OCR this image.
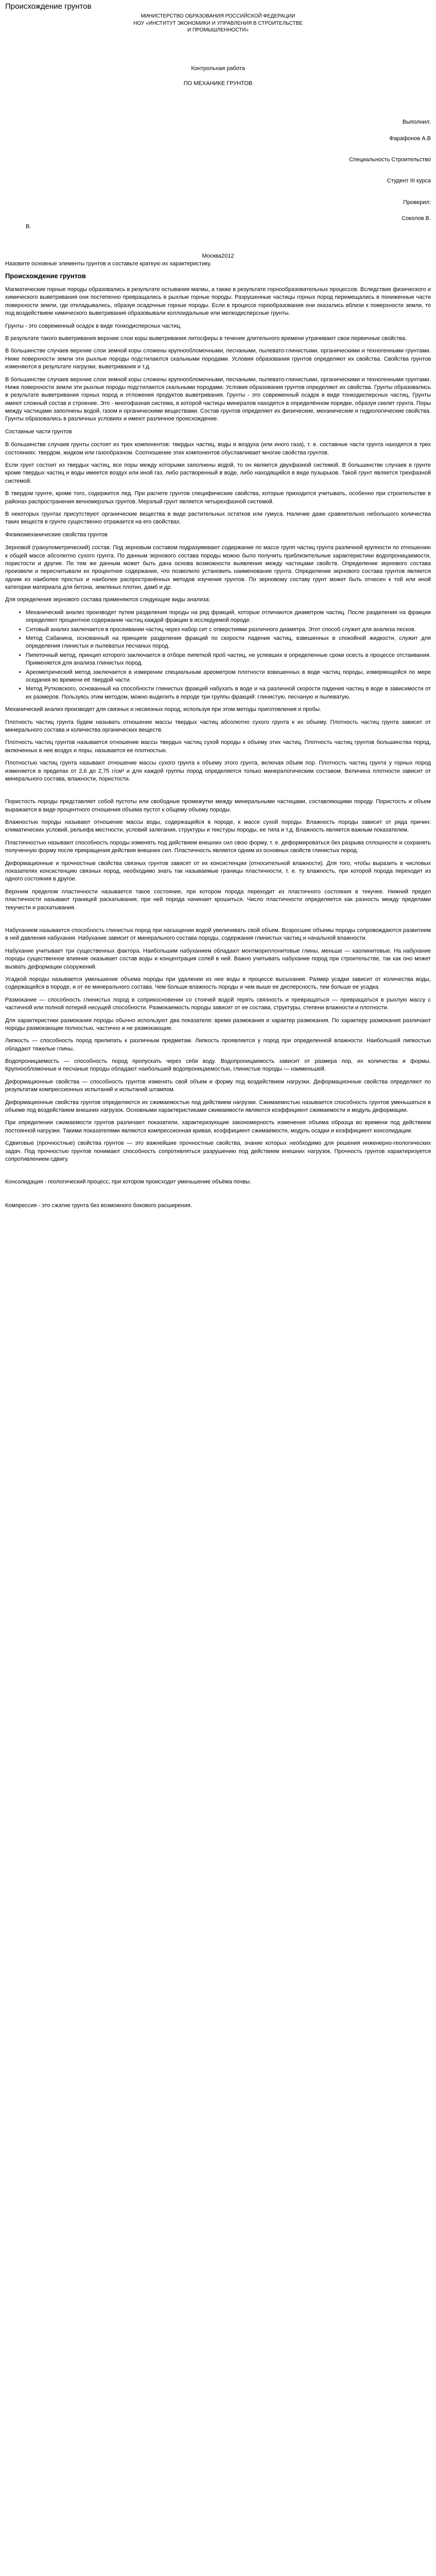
Происхождение грунтов
МИНИСТЕРСТВО ОБРАЗОВАНИЯ РОССИЙСКОЙ ФЕДЕРАЦИИ
НОУ «ИНСТИТУТ ЭКОНОМИКИ И УПРАВЛЕНИЯ В СТРОИТЕЛЬСТВЕ
И ПРОМЫШЛЕННОСТИ»
Контрольная работа
ПО МЕХАНИКЕ ГРУНТОВ

Выполнил:

Фарафонов А.В

Специальность Строительство

Студент III курса

Проверил:

Соколов В.

В.

Москва2012

Назовите основные элементы грунтов и составьте краткую их характеристику.

Происхождение грунтов

Магматические горные породы образовались в результате остывания магмы, а также в результате горнообразовательных процессов. Вследствие физического и химического выветривания они постепенно превращались в рыхлые горные породы. Разрушенные частицы горных пород перемещались в пониженные части поверхности земли, где откладывались, образуя осадочные горные породы. Если в процессе горообразования они оказались вблизи к поверхности земли, то под воздействием химического выветривания образовывали коллоидальные или мелкодисперсные грунты.

Грунты - это современный осадок в виде тонкодисперсных частиц.

В результате такого выветривания верхние слои коры выветривания литосферы в течение длительного времени утрачивают свои первичные свойства.

В большинстве случаев верхние слои земной коры сложены крупнообломочными, песчаными, пылевато-глинистыми, органическими и техногенными грунтами. Ниже поверхности земли эти рыхлые породы подстилаются скальными породами. Условия образования грунтов определяют их свойства. Свойства грунтов изменяются в результате нагрузки, выветривания и т.д.

В большинстве случаев верхние слои земной коры сложены крупнообломочными, песчаными, пылевато-глинистыми, органическими и техногенными грунтами. Ниже поверхности земли эти рыхлые породы подстилаются скальными породами. Условия образования грунтов определяют их свойства. Грунты образовались в результате выветривания горных пород и отложения продуктов выветривания. Грунты - это современный осадок в виде тонкодисперсных частиц. Грунты имеют сложный состав и строение. Это - многофазная система, в которой частицы минералов находятся в определённом порядке, образуя скелет грунта. Поры между частицами заполнены водой, газом и органическими веществами. Состав грунтов определяет их физические, механические и гидрологические свойства. Грунты образовались в различных условиях и имеют различное происхождение.

Составные части грунтов

В большинстве случаев грунты состоят из трех компонентов: твердых частиц, воды и воздуха (или иного газа), т. е. составные части грунта находятся в трех состояниях: твердом, жидком или газообразном. Соотношение этих компонентов обуславливает многие свойства грунтов.

Если грунт состоит из твердых частиц, все поры между которыми заполнены водой, то он является двухфазной системой. В большинстве случаев в грунте кроме твердых частиц и воды имеется воздух или иной газ, либо растворенный в воде, либо находящийся в виде пузырьков. Такой грунт является трехфазной системой.

В твердом грунте, кроме того, содержится лед. При расчете грунтов специфические свойства, которые приходится учитывать, особенно при строительстве в районах распространения вечномерзлых грунтов. Мерзлый грунт является четырехфазной системой.

В некоторых грунтах присутствуют органические вещества в виде растительных остатков или гумуса. Наличие даже сравнительно небольшого количества таких веществ в грунте существенно отражается на его свойствах.

Физикомеханические свойства грунтов

Зерновой (гранулометрический) состав. Под зерновым составом подразумевают содержание по массе групп частиц грунта различной крупности по отношению к общей массе абсолютно сухого грунта. По данным зернового состава породы можно было получить приблизительные характеристики водопроницаемости, пористости и другие. По тем же данным может быть дана основа возможности выявления между частицами свойств. Определение зернового состава произвели и пересчитывали их процентное содержание, что позволило установить наименование грунта. Определение зернового состава грунтов является одним из наиболее простых и наиболее распространённых методов изучения грунтов. По зерновому составу грунт может быть отнесен к той или иной категории материала для бетона, земляных плотин, дамб и др.

Для определения зернового состава применяются следующие виды анализа:

• Механический анализ производят путем разделения породы на ряд фракций, которые отличаются диаметром частиц. После разделения на фракции определяют процентное содержание частиц каждой фракции в исследуемой породе.
• Ситовый анализ заключается в просеивании частиц через набор сит с отверстиями различного диаметра. Этот способ служит для анализа песков.
• Метод Сабанина, основанный на принципе разделения фракций по скорости падения частиц, взвешенных в спокойной жидкости, служит для определения глинистых и пылеватых песчаных пород.
• Пипеточный метод, принцип которого заключается в отборе пипеткой проб частиц, не успевших в определенные сроки осесть в процессе отстаивания. Применяется для анализа глинистых пород.
• Ареометрический метод заключается в измерении специальным ареометром плотности взвешенных в воде частиц породы, измеряющейся по мере оседания во времени её твердой части.
• Метод Рутковского, основанный на способности глинистых фракций набухать в воде и на различной скорости падения частиц в воде в зависимости от их размеров. Пользуясь этим методом, можно выделить в породе три группы фракций: глинистую, песчаную и пылеватую.

Механический анализ производят для связных и несвязных пород, используя при этом методы приготовления и пробы.

Плотность частиц грунта будем называть отношение массы твердых частиц абсолютно сухого грунта к их объему. Плотность частиц грунта зависит от минерального состава и количества органических веществ.

Плотность частиц грунтов называется отношение массы твердых частиц сухой породы к объему этих частиц. Плотность частиц грунтов большинства пород, включенных в нее воздух и поры, называется ее плотностью.

Плотностью частиц грунта называют отношение массы сухого грунта к объему этого грунта, включая объем пор. Плотность частиц грунта у горных пород изменяется в пределах от 2,6 до 2,75 г/см³ и для каждой группы пород определяется только минералогическим составом. Величина плотности зависит от минерального состава, влажности, пористости.

Пористость породы представляет собой пустоты или свободные промежутки между минеральными частицами, составляющими породу. Пористость и объем выражается в виде процентного отношения объема пустот к общему объему породы.

Влажностью породы называют отношение массы воды, содержащейся в породе, к массе сухой породы. Влажность породы зависит от ряда причин: климатических условий, рельефа местности, условий залегания, структуры и текстуры породы, ее типа и т.д. Влажность является важным показателем.

Пластичностью называют способность породы изменять под действием внешних сил свою форму, т. е. деформироваться без разрыва сплошности и сохранять полученную форму после прекращения действия внешних сил. Пластичность является одним из основных свойств глинистых пород.

Деформационные и прочностные свойства связных грунтов зависят от их консистенции (относительной влажности). Для того, чтобы выразить в числовых показателях консистенцию связных пород, необходимо знать так называемые границы пластичности, т. е. ту влажность, при которой порода переходит из одного состояния в другое.

Верхним пределом пластичности называется такое состояние, при котором порода переходит из пластичного состояния в текучее. Нижний предел пластичности называют границей раскатывания, при ней порода начинает крошиться. Число пластичности определяется как разность между пределами текучести и раскатывания.

Набуханием называется способность глинистых пород при насыщении водой увеличивать свой объем. Возросшие объемы породы сопровождаются развитием в ней давления набухания. Набухание зависит от минерального состава породы, содержания глинистых частиц и начальной влажности.

Набухание учитывает три существенных фактора. Наибольшим набуханием обладают монтмориллонитовые глины, меньше — каолинитовые. На набухание породы существенное влияние оказывает состав воды и концентрация солей в ней. Важно учитывать набухание пород при строительстве, так как оно может вызвать деформации сооружений.

Усадкой породы называется уменьшение объема породы при удалении из нее воды в процессе высыхания. Размер усадки зависит от количества воды, содержащейся в породе, и от ее минерального состава. Чем больше влажность породы и чем выше ее дисперсность, тем больше ее усадка.

Размокание — способность глинистых пород в соприкосновении со стоячей водой терять связность и превращаться — превращаться в рыхлую массу с частичной или полной потерей несущей способности. Размокаемость породы зависит от ее состава, структуры, степени влажности и плотности.

Для характеристики размокания породы обычно используют два показателя: время размокания и характер размокания. По характеру размокания различают породы размокающие полностью, частично и не размокающие.

Липкость — способность пород прилипать к различным предметам. Липкость проявляется у пород при определенной влажности. Наибольшей липкостью обладают тяжелые глины.

Водопроницаемость — способность пород пропускать через себя воду. Водопроницаемость зависит от размера пор, их количества и формы. Крупнообломочные и песчаные породы обладают наибольшей водопроницаемостью, глинистые породы — наименьшей.

Деформационные свойства — способность грунтов изменять свой объем и форму под воздействием нагрузки. Деформационные свойства определяют по результатам компрессионных испытаний и испытаний штампом.

Деформационные свойства грунтов определяются их сжимаемостью под действием нагрузки. Сжимаемостью называется способность грунтов уменьшаться в объеме под воздействием внешних нагрузок. Основными характеристиками сжимаемости являются коэффициент сжимаемости и модуль деформации.

При определении сжимаемости грунтов различают показатели, характеризующие закономерность изменения объема образца во времени под действием постоянной нагрузки. Такими показателями являются компрессионная кривая, коэффициент сжимаемости, модуль осадки и коэффициент консолидации.

Сдвиговые (прочностные) свойства грунтов — это важнейшие прочностные свойства, знание которых необходимо для решения инженерно-геологических задач. Под прочностью грунтов понимают способность сопротивляться разрушению под действием внешних нагрузок. Прочность грунтов характеризуется сопротивлением сдвигу.

Консолидация - геологический процесс, при котором происходит уменьшение объёма почвы.

Компрессия - это сжатие грунта без возможного бокового расширения.
